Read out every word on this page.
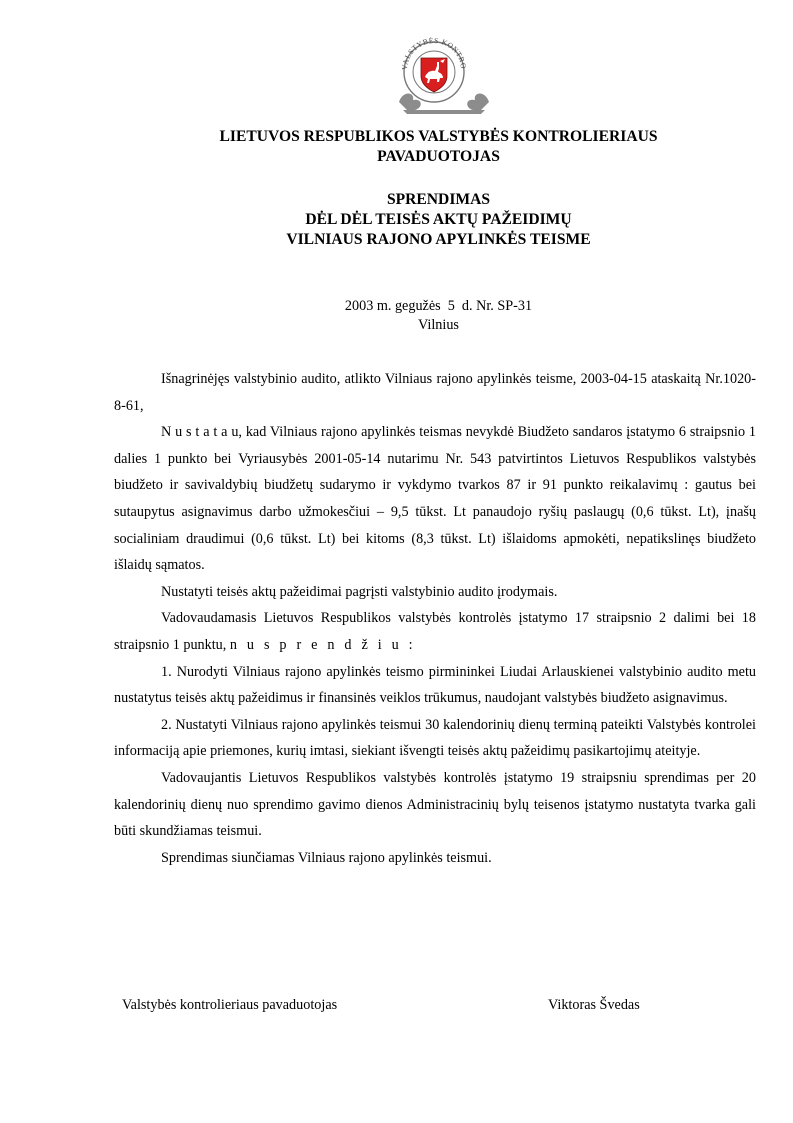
VALSTYBĖS KONTRO
LIETUVOS RESPUBLIKOS VALSTYBĖS KONTROLIERIAUS
PAVADUOTOJAS
SPRENDIMAS
DĖL DĖL TEISĖS AKTŲ PAŽEIDIMŲ
VILNIAUS RAJONO APYLINKĖS TEISME
2003 m. gegužės  5  d. Nr. SP-31
Vilnius

Išnagrinėjęs valstybinio audito, atlikto Vilniaus rajono apylinkės teisme, 2003-04-15 ataskaitą Nr.1020-8-61,

N u s t a t a u, kad Vilniaus rajono apylinkės teismas nevykdė Biudžeto sandaros įstatymo 6 straipsnio 1 dalies 1 punkto bei Vyriausybės 2001-05-14 nutarimu Nr. 543 patvirtintos Lietuvos Respublikos valstybės biudžeto ir savivaldybių biudžetų sudarymo ir vykdymo tvarkos 87 ir 91 punkto reikalavimų : gautus bei sutaupytus asignavimus darbo užmokesčiui – 9,5 tūkst. Lt panaudojo ryšių paslaugų (0,6 tūkst. Lt), įnašų socialiniam draudimui (0,6 tūkst. Lt) bei kitoms (8,3 tūkst. Lt) išlaidoms apmokėti, nepatikslinęs biudžeto išlaidų sąmatos.

Nustatyti teisės aktų pažeidimai pagrįsti valstybinio audito įrodymais.

Vadovaudamasis Lietuvos Respublikos valstybės kontrolės įstatymo 17 straipsnio 2 dalimi bei 18 straipsnio 1 punktu, n u s p r e n d ž i u :

1. Nurodyti Vilniaus rajono apylinkės teismo pirmininkei Liudai Arlauskienei valstybinio audito metu nustatytus teisės aktų pažeidimus ir finansinės veiklos trūkumus, naudojant valstybės biudžeto asignavimus.

2. Nustatyti Vilniaus rajono apylinkės teismui 30 kalendorinių dienų terminą pateikti Valstybės kontrolei informaciją apie priemones, kurių imtasi, siekiant išvengti teisės aktų pažeidimų pasikartojimų ateityje.

Vadovaujantis Lietuvos Respublikos valstybės kontrolės įstatymo 19 straipsniu sprendimas per 20 kalendorinių dienų nuo sprendimo gavimo dienos Administracinių bylų teisenos įstatymo nustatyta tvarka gali būti skundžiamas teismui.

Sprendimas siunčiamas Vilniaus rajono apylinkės teismui.

Valstybės kontrolieriaus pavaduotojas	Viktoras Švedas
